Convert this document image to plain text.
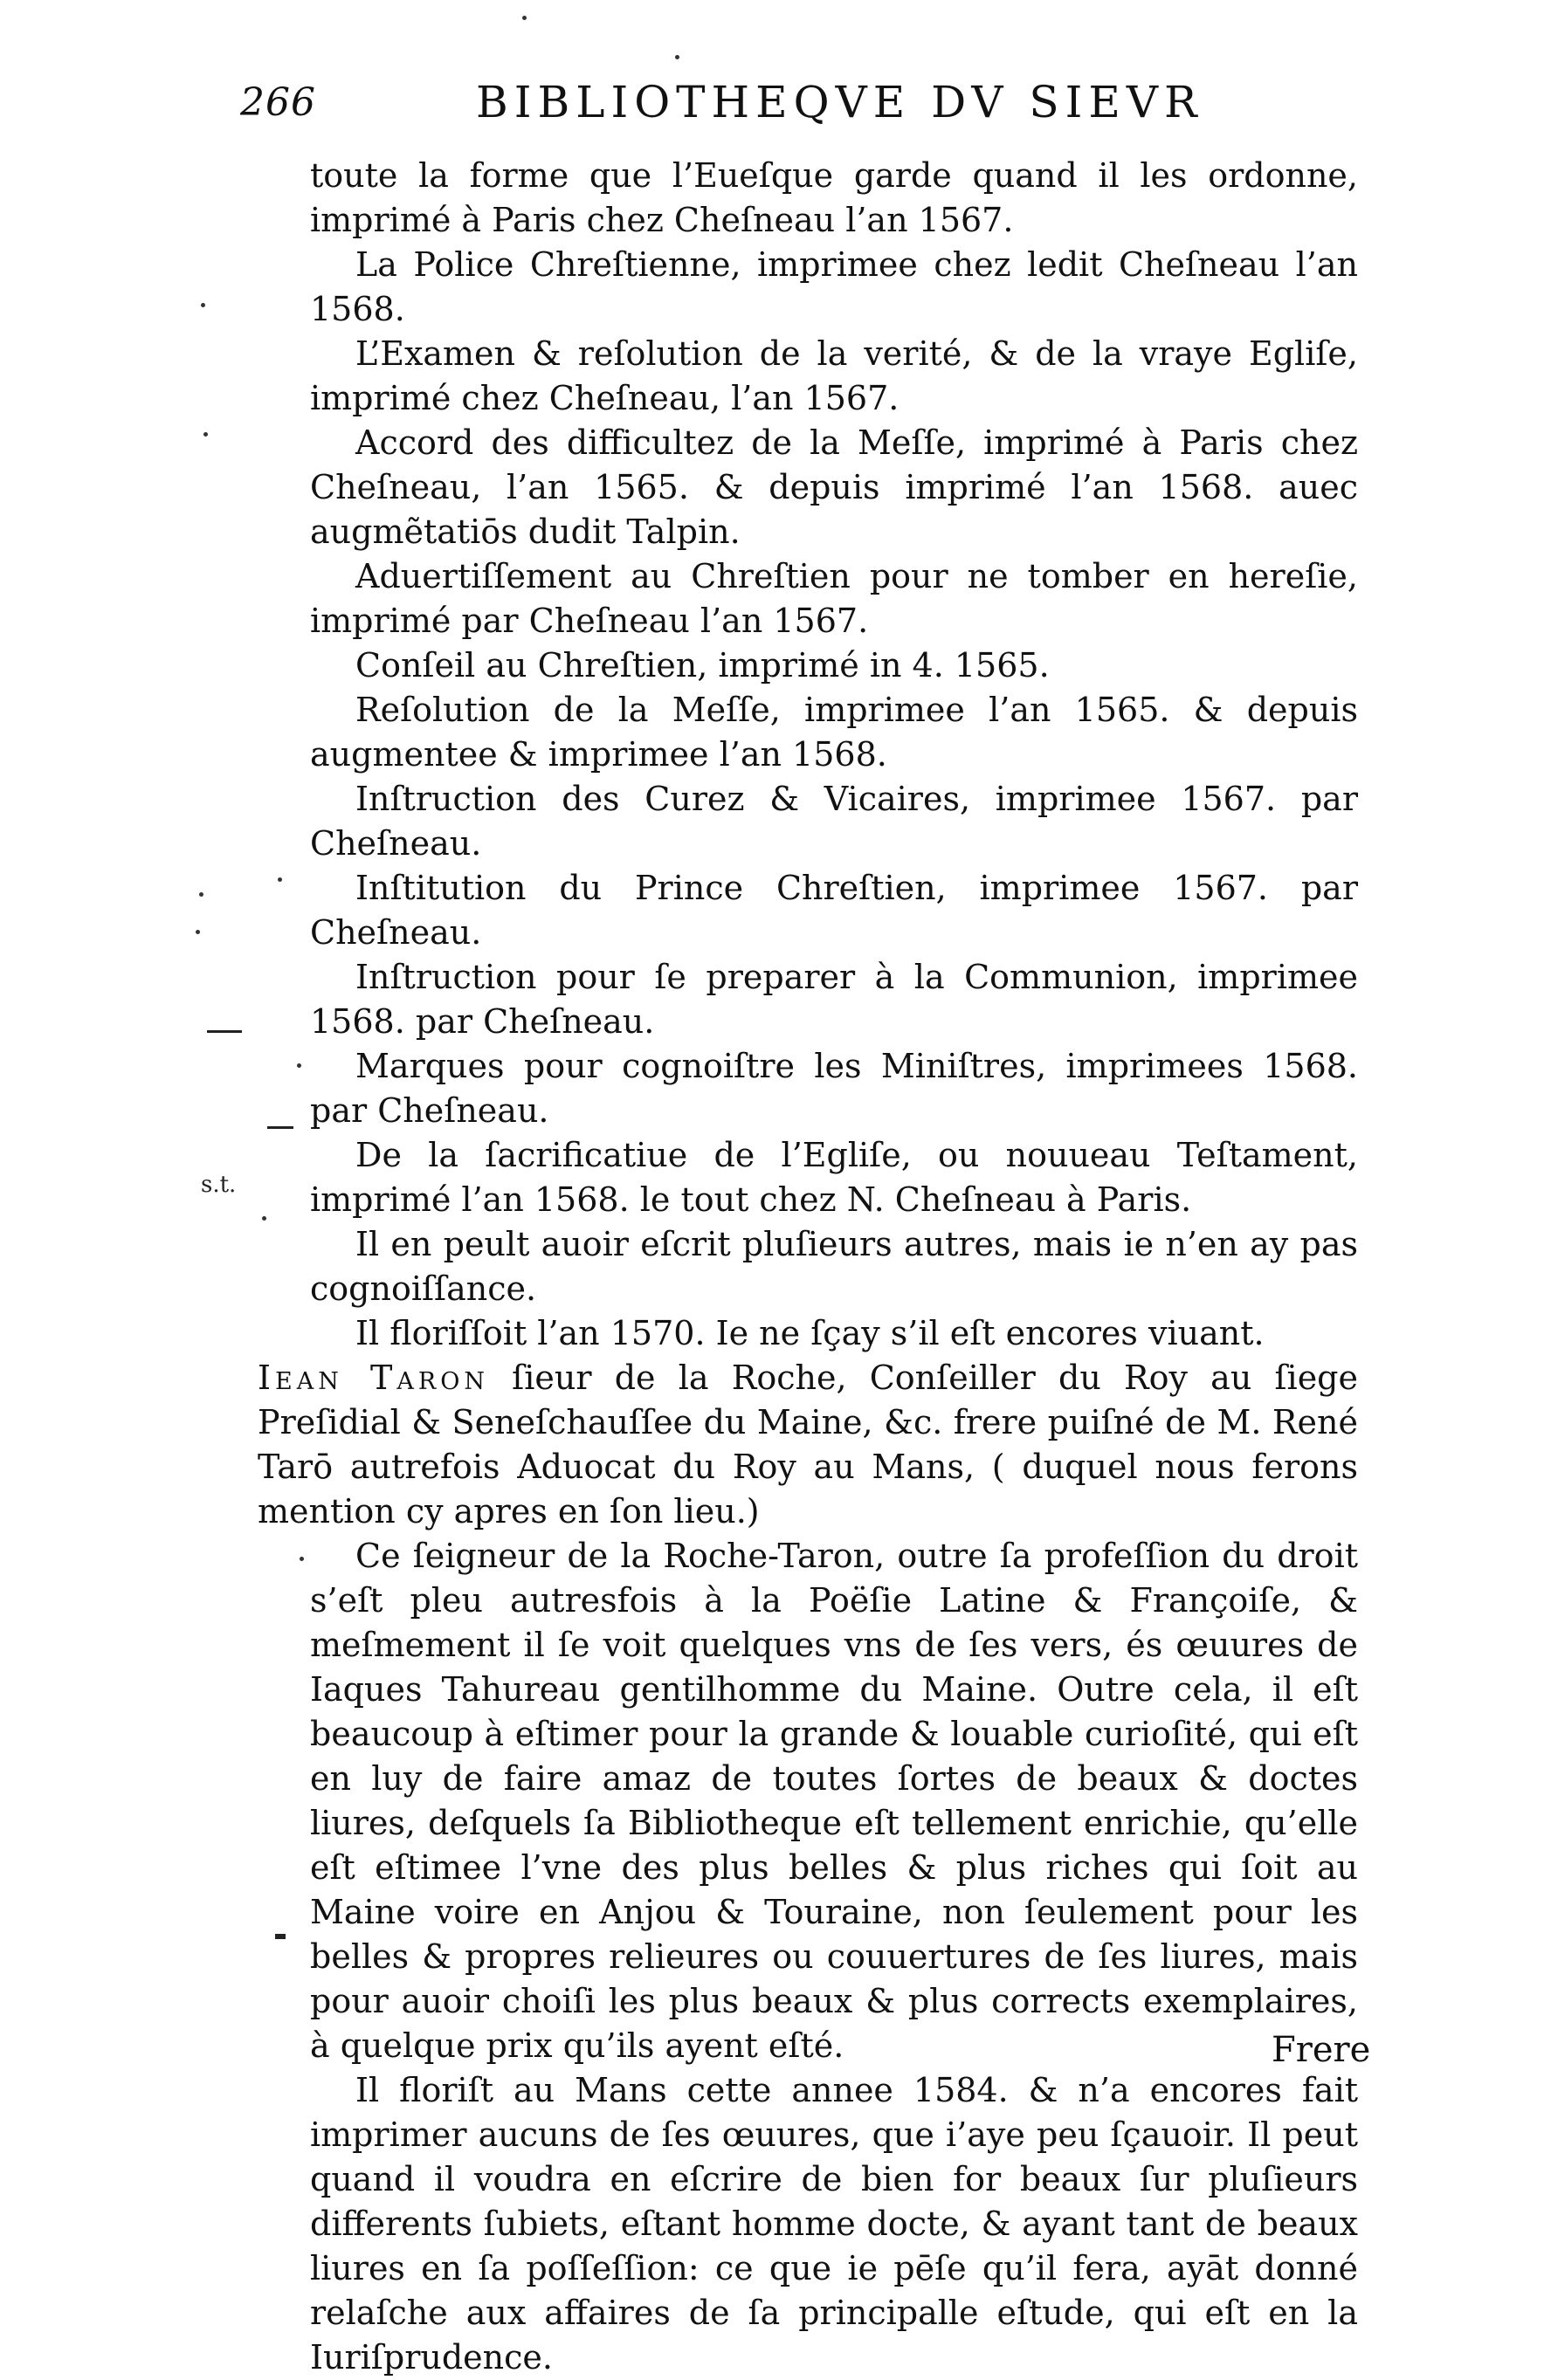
266	BIBLIOTHEQVE DV SIEVR
s.t.

toute la forme que l’Eueſque garde quand il les ordonne, imprimé à Paris chez Cheſneau l’an 1567.

La Police Chreſtienne, imprimee chez ledit Cheſneau l’an 1568.

L’Examen & reſolution de la verité, & de la vraye Egliſe, imprimé chez Cheſneau, l’an 1567.

Accord des difficultez de la Meſſe, imprimé à Paris chez Cheſneau, l’an 1565. & depuis imprimé l’an 1568. auec augmẽtatiōs dudit Talpin.

Aduertiſſement au Chreſtien pour ne tomber en hereſie, imprimé par Cheſneau l’an 1567.

Conſeil au Chreſtien, imprimé in 4. 1565.

Reſolution de la Meſſe, imprimee l’an 1565. & depuis augmentee & imprimee l’an 1568.

Inſtruction des Curez & Vicaires, imprimee 1567. par Cheſneau.

Inſtitution du Prince Chreſtien, imprimee 1567. par Cheſneau.

Inſtruction pour ſe preparer à la Communion, imprimee 1568. par Cheſneau.

Marques pour cognoiſtre les Miniſtres, imprimees 1568. par Cheſneau.

De la ſacrificatiue de l’Egliſe, ou nouueau Teſtament, imprimé l’an 1568. le tout chez N. Cheſneau à Paris.

Il en peult auoir eſcrit pluſieurs autres, mais ie n’en ay pas cognoiſſance.

Il floriſſoit l’an 1570. Ie ne ſçay s’il eſt encores viuant.

Iean Taron ſieur de la Roche, Conſeiller du Roy au ſiege Preſidial & Seneſchauſſee du Maine, &c. frere puiſné de M. René Tarō autrefois Aduocat du Roy au Mans, ( duquel nous ferons mention cy apres en ſon lieu.)

Ce ſeigneur de la Roche-Taron, outre ſa profeſſion du droit s’eſt pleu autresfois à la Poëſie Latine & Françoiſe, & meſmement il ſe voit quelques vns de ſes vers, és œuures de Iaques Tahureau gentilhomme du Maine. Outre cela, il eſt beaucoup à eſtimer pour la grande & louable curioſité, qui eſt en luy de faire amaz de toutes ſortes de beaux & doctes liures, deſquels ſa Bibliotheque eſt tellement enrichie, qu’elle eſt eſtimee l’vne des plus belles & plus riches qui ſoit au Maine voire en Anjou & Touraine, non ſeulement pour les belles & propres relieures ou couuertures de ſes liures, mais pour auoir choiſi les plus beaux & plus corrects exemplaires, à quelque prix qu’ils ayent eſté.

Il floriſt au Mans cette annee 1584. & n’a encores fait imprimer aucuns de ſes œuures, que i’aye peu ſçauoir. Il peut quand il voudra en eſcrire de bien for beaux ſur pluſieurs differents ſubiets, eſtant homme docte, & ayant tant de beaux liures en ſa poſſeſſion: ce que ie pēſe qu’il fera, ayāt donné relaſche aux affaires de ſa principalle eſtude, qui eſt en la Iuriſprudence.

Frere
